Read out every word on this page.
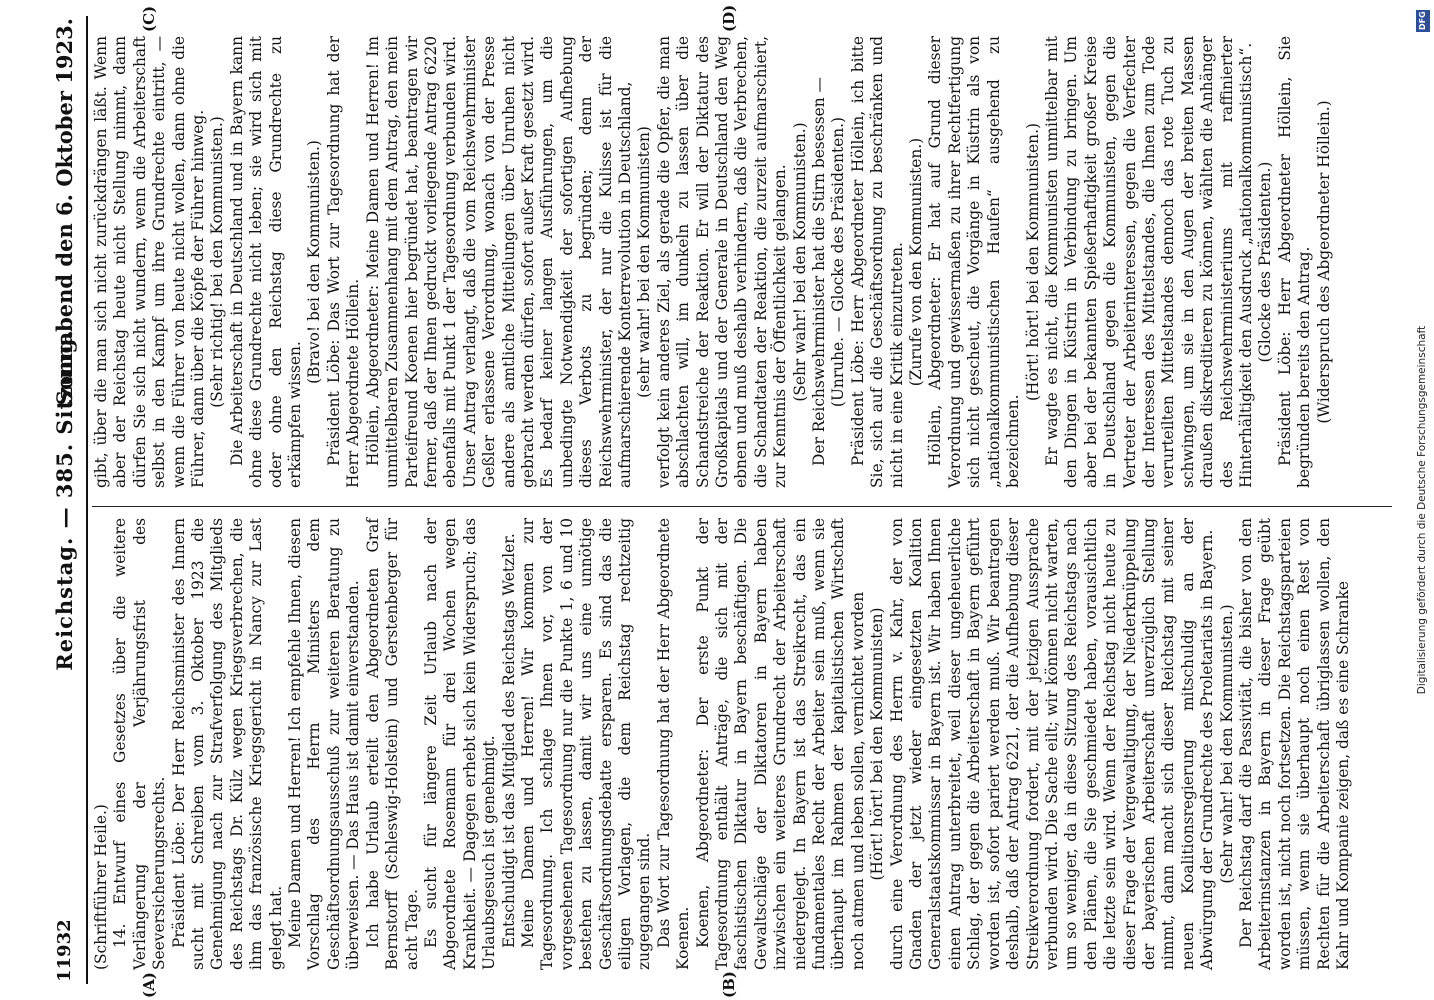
11932
Reichstag. — 385. Sitzung.
Sonnabend den 6. Oktober 1923.
(A)	(B)
(C)	(D)

(Schriftführer Heile.) 14. Entwurf eines Gesetzes über die weitere Verlängerung der Verjährungsfrist des Seeversicherungsrechts. Präsident Löbe: Der Herr Reichsminister des Innern sucht mit Schreiben vom 3. Oktober 1923 die Genehmigung nach zur Strafverfolgung des Mitglieds des Reichstags Dr. Külz wegen Kriegsverbrechen, die ihm das französische Kriegsgericht in Nancy zur Last gelegt hat. Meine Damen und Herren! Ich empfehle Ihnen, diesen Vorschlag des Herrn Ministers dem Geschäftsordnungsausschuß zur weiteren Beratung zu überweisen. — Das Haus ist damit einverstanden. Ich habe Urlaub erteilt den Abgeordneten Graf Bernstorff (Schleswig-Holstein) und Gerstenberger für acht Tage. Es sucht für längere Zeit Urlaub nach der Abgeordnete Rosemann für drei Wochen wegen Krankheit. — Dagegen erhebt sich kein Widerspruch; das Urlaubsgesuch ist genehmigt. Entschuldigt ist das Mitglied des Reichstags Wetzler. Meine Damen und Herren! Wir kommen zur Tagesordnung. Ich schlage Ihnen vor, von der vorgesehenen Tagesordnung nur die Punkte 1, 6 und 10 bestehen zu lassen, damit wir uns eine unnötige Geschäftsordnungsdebatte ersparen. Es sind das die eiligen Vorlagen, die dem Reichstag rechtzeitig zugegangen sind. Das Wort zur Tagesordnung hat der Herr Abgeordnete Koenen. Koenen, Abgeordneter: Der erste Punkt der Tagesordnung enthält Anträge, die sich mit der faschistischen Diktatur in Bayern beschäftigen. Die Gewaltschläge der Diktatoren in Bayern haben inzwischen ein weiteres Grundrecht der Arbeiterschaft niedergelegt. In Bayern ist das Streikrecht, das ein fundamentales Recht der Arbeiter sein muß, wenn sie überhaupt im Rahmen der kapitalistischen Wirtschaft noch atmen und leben sollen, vernichtet worden (Hört! hört! bei den Kommunisten) durch eine Verordnung des Herrn v. Kahr, der von Gnaden der jetzt wieder eingesetzten Koalition Generalstaatskommissar in Bayern ist. Wir haben Ihnen einen Antrag unterbreitet, weil dieser ungeheuerliche Schlag, der gegen die Arbeiterschaft in Bayern geführt worden ist, sofort pariert werden muß. Wir beantragen deshalb, daß der Antrag 6221, der die Aufhebung dieser Streikverordnung fordert, mit der jetzigen Aussprache verbunden wird. Die Sache eilt; wir können nicht warten, um so weniger, da in diese Sitzung des Reichstags nach den Plänen, die Sie geschmiedet haben, vorausichtlich die letzte sein wird. Wenn der Reichstag nicht heute zu dieser Frage der Vergewaltigung, der Niederknüppelung der bayerischen Arbeiterschaft unverzüglich Stellung nimmt, dann macht sich dieser Reichstag mit seiner neuen Koalitionsregierung mitschuldig an der Abwürgung der Grundrechte des Proletariats in Bayern. (Sehr wahr! bei den Kommunisten.) Der Reichstag darf die Passivität, die bisher von den Arbeiterinstanzen in Bayern in dieser Frage geübt worden ist, nicht noch fortsetzen. Die Reichstagsparteien müssen, wenn sie überhaupt noch einen Rest von Rechten für die Arbeiterschaft übriglassen wollen, den Kahr und Kompanie zeigen, daß es eine Schranke

gibt, über die man sich nicht zurückdrängen läßt. Wenn aber der Reichstag heute nicht Stellung nimmt, dann dürfen Sie sich nicht wundern, wenn die Arbeiterschaft selbst in den Kampf um ihre Grundrechte eintritt, — wenn die Führer von heute nicht wollen, dann ohne die Führer, dann über die Köpfe der Führer hinweg. (Sehr richtig! bei den Kommunisten.) Die Arbeiterschaft in Deutschland und in Bayern kann ohne diese Grundrechte nicht leben; sie wird sich mit oder ohne den Reichstag diese Grundrechte zu erkämpfen wissen.

(Bravo! bei den Kommunisten.) Präsident Löbe: Das Wort zur Tagesordnung hat der Herr Abgeordnete Höllein. Höllein, Abgeordneter: Meine Damen und Herren! Im unmittelbaren Zusammenhang mit dem Antrag, den mein Parteifreund Koenen hier begründet hat, beantragen wir ferner, daß der Ihnen gedruckt vorliegende Antrag 6220 ebenfalls mit Punkt 1 der Tagesordnung verbunden wird. Unser Antrag verlangt, daß die vom Reichswehrminister Geßler erlassene Verordnung, wonach von der Presse andere als amtliche Mitteilungen über Unruhen nicht gebracht werden dürfen, sofort außer Kraft gesetzt wird. Es bedarf keiner langen Ausführungen, um die unbedingte Notwendigkeit der sofortigen Aufhebung dieses Verbots zu begründen; denn der Reichswehrminister, der nur die Kulisse ist für die aufmarschierende Konterrevolution in Deutschland, (sehr wahr! bei den Kommunisten) verfolgt kein anderes Ziel, als gerade die Opfer, die man abschlachten will, im dunkeln zu lassen über die Schandstreiche der Reaktion. Er will der Diktatur des Großkapitals und der Generale in Deutschland den Weg ebnen und muß deshalb verhindern, daß die Verbrechen, die Schandtaten der Reaktion, die zurzeit aufmarschiert, zur Kenntnis der Öffentlichkeit gelangen. (Sehr wahr! bei den Kommunisten.) Der Reichswehrminister hat die Stirn besessen — (Unruhe. — Glocke des Präsidenten.) Präsident Löbe: Herr Abgeordneter Höllein, ich bitte Sie, sich auf die Geschäftsordnung zu beschränken und nicht in eine Kritik einzutreten. (Zurufe von den Kommunisten.) Höllein, Abgeordneter: Er hat auf Grund dieser Verordnung und gewissermaßen zu ihrer Rechtfertigung sich nicht gescheut, die Vorgänge in Küstrin als von „nationalkommunistischen Haufen“ ausgehend zu bezeichnen.

(Hört! hört! bei den Kommunisten.) Er wagte es nicht, die Kommunisten unmittelbar mit den Dingen in Küstrin in Verbindung zu bringen. Um aber bei der bekannten Spießerhaftigkeit großer Kreise in Deutschland gegen die Kommunisten, gegen die Vertreter der Arbeiterinteressen, gegen die Verfechter der Interessen des Mittelstandes, die Ihnen zum Tode verurteilten Mittelstandes dennoch das rote Tuch zu schwingen, um sie in den Augen der breiten Massen draußen diskreditieren zu können, wählten die Anhänger des Reichswehrministeriums mit raffinierter Hinterhältigkeit den Ausdruck „nationalkommunistisch“. (Glocke des Präsidenten.) Präsident Löbe: Herr Abgeordneter Höllein, Sie begründen bereits den Antrag. (Widerspruch des Abgeordneter Höllein.)

DFG
Digitalisierung gefördert durch die Deutsche Forschungsgemeinschaft
